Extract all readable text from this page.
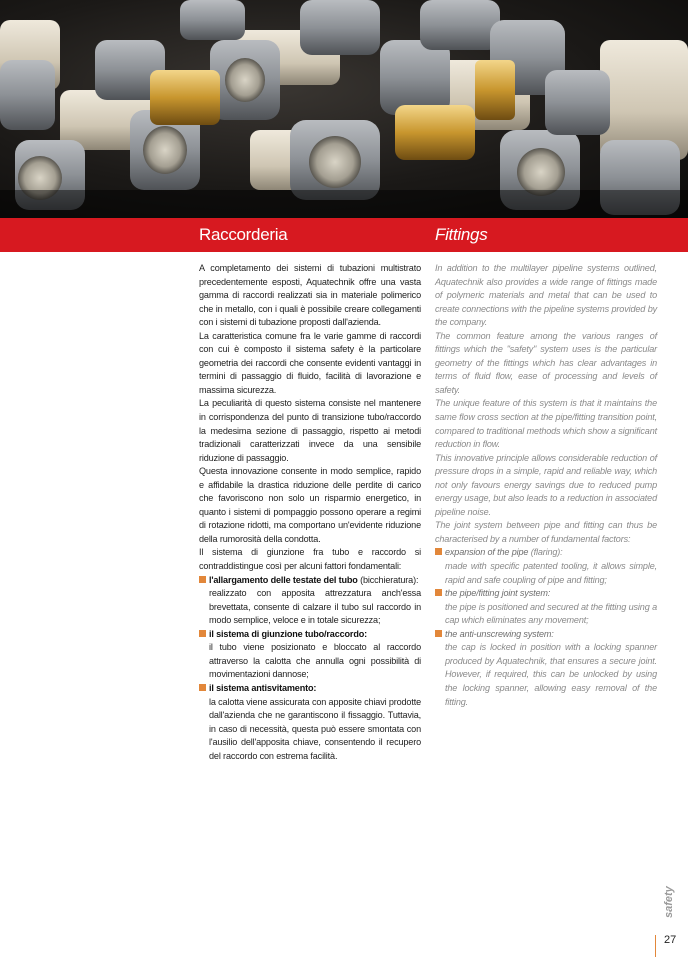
Raccorderia	Fittings

A completamento dei sistemi di tubazioni multistrato precedentemente esposti, Aquatechnik offre una vasta gamma di raccordi realizzati sia in materiale polimerico che in metallo, con i quali è possibile creare collegamenti con i sistemi di tubazione proposti dall'azienda.

La caratteristica comune fra le varie gamme di raccordi con cui è composto il sistema safety è la particolare geometria dei raccordi che consente evidenti vantaggi in termini di passaggio di fluido, facilità di lavorazione e massima sicurezza.

La peculiarità di questo sistema consiste nel mantenere in corrispondenza del punto di transizione tubo/raccordo la medesima sezione di passaggio, rispetto ai metodi tradizionali caratterizzati invece da una sensibile riduzione di passaggio.

Questa innovazione consente in modo semplice, rapido e affidabile la drastica riduzione delle perdite di carico che favoriscono non solo un risparmio energetico, in quanto i sistemi di pompaggio possono operare a regimi di rotazione ridotti, ma comportano un'evidente riduzione della rumorosità della condotta.

Il sistema di giunzione fra tubo e raccordo si contraddistingue così per alcuni fattori fondamentali:

l'allargamento delle testate del tubo (bicchieratura):

realizzato con apposita attrezzatura anch'essa brevettata, consente di calzare il tubo sul raccordo in modo semplice, veloce e in totale sicurezza;

il sistema di giunzione tubo/raccordo:

il tubo viene posizionato e bloccato al raccordo attraverso la calotta che annulla ogni possibilità di movimentazioni dannose;

il sistema antisvitamento:

la calotta viene assicurata con apposite chiavi prodotte dall'azienda che ne garantiscono il fissaggio. Tuttavia, in caso di necessità, questa può essere smontata con l'ausilio dell'apposita chiave, consentendo il recupero del raccordo con estrema facilità.

In addition to the multilayer pipeline systems outlined, Aquatechnik also provides a wide range of fittings made of polymeric materials and metal that can be used to create connections with the pipeline systems provided by the company.

The common feature among the various ranges of fittings which the "safety" system uses is the particular geometry of the fittings which has clear advantages in terms of fluid flow, ease of processing and levels of safety.

The unique feature of this system is that it maintains the same flow cross section at the pipe/fitting transition point, compared to traditional methods which show a significant reduction in flow.

This innovative principle allows considerable reduction of pressure drops in a simple, rapid and reliable way, which not only favours energy savings due to reduced pump energy usage, but also leads to a reduction in associated pipeline noise.

The joint system between pipe and fitting can thus be characterised by a number of fundamental factors:

expansion of the pipe (flaring):

made with specific patented tooling, it allows simple, rapid and safe coupling of pipe and fitting;

the pipe/fitting joint system:

the pipe is positioned and secured at the fitting using a cap which eliminates any movement;

the anti-unscrewing system:

the cap is locked in position with a locking spanner produced by Aquatechnik, that ensures a secure joint. However, if required, this can be unlocked by using the locking spanner, allowing easy removal of the fitting.

safety
27
